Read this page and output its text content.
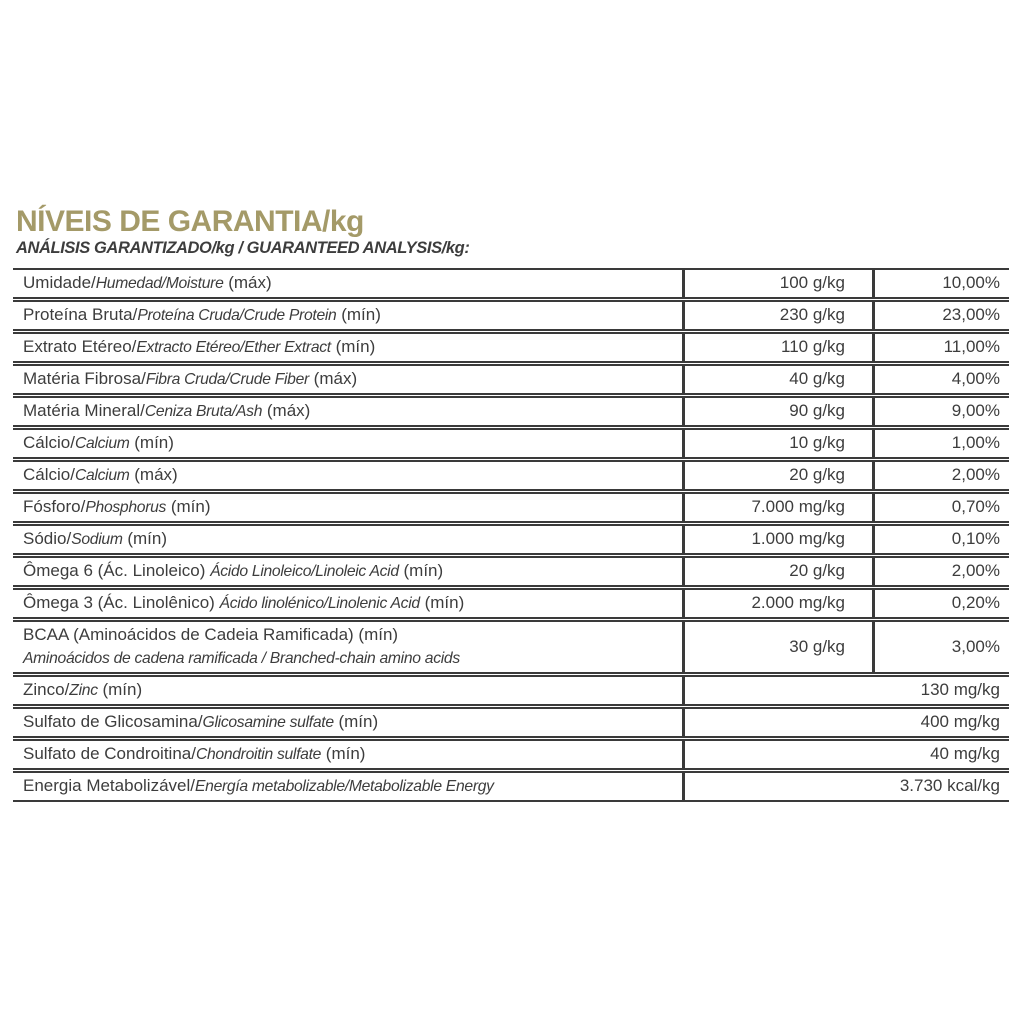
NÍVEIS DE GARANTIA/kg
ANÁLISIS GARANTIZADO/kg / GUARANTEED ANALYSIS/kg:
Umidade/Humedad/Moisture (máx)	100 g/kg	10,00%
Proteína Bruta/Proteína Cruda/Crude Protein (mín)	230 g/kg	23,00%
Extrato Etéreo/Extracto Etéreo/Ether Extract (mín)	110 g/kg	11,00%
Matéria Fibrosa/Fibra Cruda/Crude Fiber (máx)	40 g/kg	4,00%
Matéria Mineral/Ceniza Bruta/Ash (máx)	90 g/kg	9,00%
Cálcio/Calcium (mín)	10 g/kg	1,00%
Cálcio/Calcium (máx)	20 g/kg	2,00%
Fósforo/Phosphorus (mín)	7.000 mg/kg	0,70%
Sódio/Sodium (mín)	1.000 mg/kg	0,10%
Ômega 6 (Ác. Linoleico) Ácido Linoleico/Linoleic Acid (mín)	20 g/kg	2,00%
Ômega 3 (Ác. Linolênico) Ácido linolénico/Linolenic Acid (mín)	2.000 mg/kg	0,20%

BCAA (Aminoácidos de Cadeia Ramificada) (mín)
Aminoácidos de cadena ramificada / Branched-chain amino acids	30 g/kg	3,00%
Zinco/Zinc (mín)	130 mg/kg	
Sulfato de Glicosamina/Glicosamine sulfate (mín)	400 mg/kg	
Sulfato de Condroitina/Chondroitin sulfate (mín)	40 mg/kg	
Energia Metabolizável/Energía metabolizable/Metabolizable Energy	3.730 kcal/kg	
